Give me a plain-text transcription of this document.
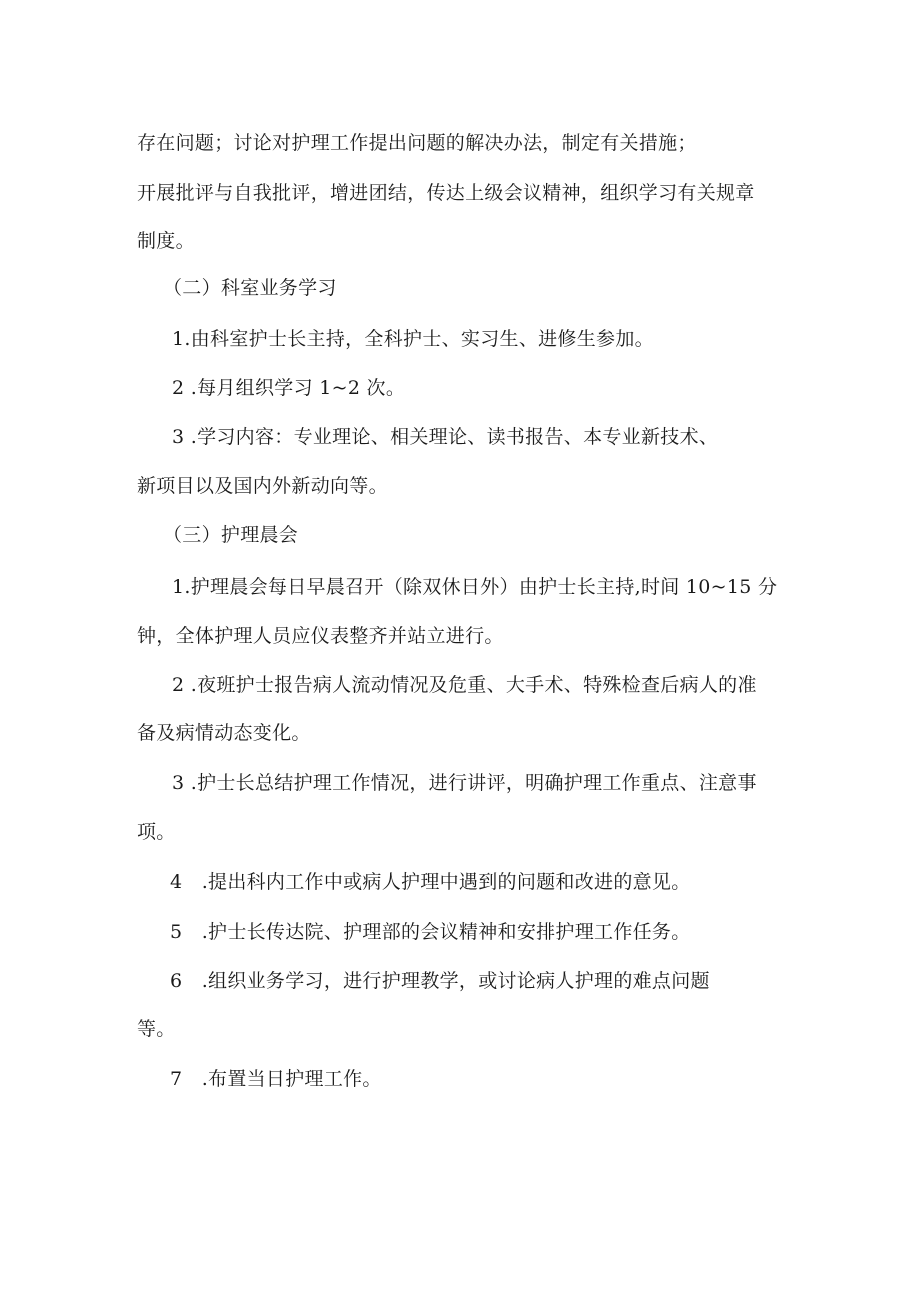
存在问题；讨论对护理工作提出问题的解决办法，制定有关措施；
开展批评与自我批评，增进团结，传达上级会议精神，组织学习有关规章
制度。
（二）科室业务学习
1.由科室护士长主持，全科护士、实习生、进修生参加。
2 .每月组织学习 1~2 次。
3 .学习内容：专业理论、相关理论、读书报告、本专业新技术、
新项目以及国内外新动向等。
（三）护理晨会
1.护理晨会每日早晨召开（除双休日外）由护士长主持,时间 10~15 分
钟，全体护理人员应仪表整齐并站立进行。
2 .夜班护士报告病人流动情况及危重、大手术、特殊检查后病人的准
备及病情动态变化。
3 .护士长总结护理工作情况，进行讲评，明确护理工作重点、注意事
项。
4　.提出科内工作中或病人护理中遇到的问题和改进的意见。
5　.护士长传达院、护理部的会议精神和安排护理工作任务。
6　.组织业务学习，进行护理教学，或讨论病人护理的难点问题
等。
7　.布置当日护理工作。
